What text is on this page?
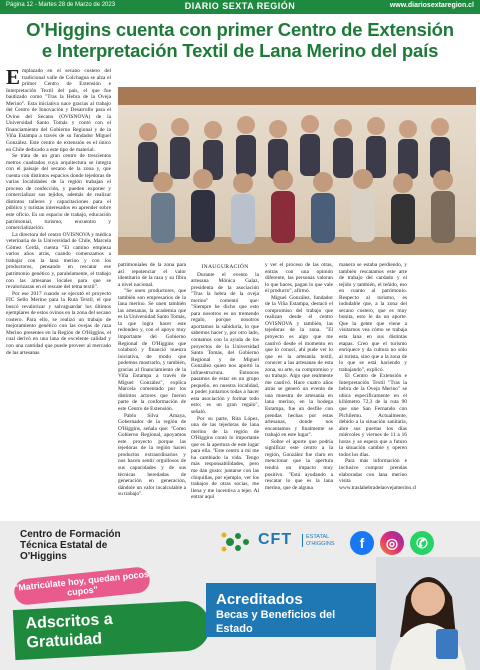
Página 12 - Martes 28 de Marzo de 2023	DIARIO SEXTA REGIÓN	www.diariosextaregion.cl
O'Higgins cuenta con primer Centro de Extensión
e Interpretación Textil de Lana Merino del país

Emplazado en el secano costero del tradicional valle de Colchagua se alza el primer Centro de Extensión e Interpretación Textil del país, el que fue bautizado como "Tras la Hebra de la Oveja Merino". Esta iniciativa nace gracias al trabajo del Centro de Innovación y Desarrollo para el Ovino del Secano (OVISNOVA) de la Universidad Santo Tomás y contó con el financiamiento del Gobierno Regional y de la Viña Estampa a través de su fundador Miguel González. Este centro de extensión es el único en Chile dedicado a este tipo de material.

Se trata de un gran centro de trescientos metros cuadrados cuya arquitectura se integra con el paisaje del secano de la zona y, que cuenta con distintos espacios donde tejedoras de varias localidades de la región trabajan el proceso de confección, y pueden exponer y comercializar sus tejidos, además de realizar distintos talleres y capacitaciones para el público y turistas interesados en aprender sobre este oficio. Es un espacio de trabajo, educación patrimonial, turismo, encuentro y comercialización.

La directora del centro OVISNOVA y médica veterinaria de la Universidad de Chile, Marcela Gómez Cerdá, cuenta "El camino empieza varios años atrás, cuando comenzamos a trabajar con la lana merino y con los productores, pensando en rescatar ese patrimonio genético y, paralelamente, el trabajo con las artesanas locales para que se revalorizaran en el rescate del tema textil".

Por ese 2017 cuando se ejecutó el proyecto FIC Sello Merino para la Ruta Textil, el que buscó revalorizar y salvaguardar los últimos ejemplares de estos ovinos en la zona del secano costero. Para ello, se realizó un trabajo de mejoramiento genético con las ovejas de raza Merino presentes en la Región de O'Higgins, el cual derivó en una lana de excelente calidad y con una cantidad que puede proveer al mercado de las artesanas

patrimoniales de la zona para así repotenciar el valor identitario de la raza y su fibra a nivel nacional.

"Se unen productores, que también son empresarios de la lana merino. Se unen también las artesanas, la academia que es la Universidad Santo Tomás, la que logra hacer este redondeo y, con el apoyo muy importante del Gobierno Regional de O'Higgins que colaboró y financió nuestra iniciativa, de modo que podemos mostrarlo, y también, gracias al financiamiento de la Viña Estampa a través de Miguel González", explica Marcela comentado por los distintos actores que fueron parte de la conformación de este Centro de Extensión.

Pablo Silva Amaya, Gobernador de la región de O'Higgins, señala que: "Como Gobierno Regional, apoyamos este proyecto porque las tejedoras de la región hacen productos extraordinarios y nos hacen sentir orgullosos de sus capacidades y de sus técnicas heredadas de generación en generación, dándole un valor incalculable a su trabajo".

INAUGURACIÓN

Durante el evento la artesana Mónica Galaz, presidenta de la asociación "Tras la hebra de la oveja merino" comentó que: "Siempre he dicho que esto para nosotros es un tremendo regalo, porque nosotros aportamos la sabiduría, lo que sabemos hacer y, por otro lado, contamos con la ayuda de los proyectos de la Universidad Santo Tomás, del Gobierno Regional y de Miguel González quien nos aportó la infraestructura. Entonces pasamos de estar en un grupo pequeño, en nuestra localidad, a poder juntarnos todas a hacer esta asociación y formar todo esto; es un gran regalo", señaló.

Por su parte, Rita López, una de las tejedoras de lana merino de la región de O'Higgins contó lo importante que es la apertura de este lugar para ella. "Este centro a mí me ha cambiado la vida. Tengo más responsabilidades, pero me dan gusto: juntarse con las chiquillas, por ejemplo, ver los trabajos de otras socias, me llena y me incentiva a tejer. Al entrar aquí

y ver el proceso de las otras, entras con una opinión diferente, las personas valoran lo que haces, pagan lo que vale el producto", afirmó.

Miguel González, fundador de la Viña Estampa, destacó el compromiso del trabajo que realizan desde el centro OVISNOVA y también, las tejedoras de la zona. "El proyecto es algo que me cautivó desde el momento en que lo conocí, ahí pude ver lo que es la artesanía textil, conocer a las artesanas de esta zona, su arte, su compromiso y su trabajo. Algo que realmente me cautivó. Hace cuatro años atrás se generó un evento de una muestra de artesanía en lana merino, en la bodega Estampa, fue un desfile con prendas hechas por estas artesanas, donde nos encantamos y finalmente se trabajó en este lugar".

Sobre el aporte que podría significar este centro a la región, González fue claro en mencionar que la apertura tendrá un impacto muy positivo. "Está ayudando a rescatar lo que es la lana merino, que de alguna

manera se estaba perdiendo, y también rescatamos este arte de trabajo del cardado y el tejido y también, el teñido, eso en cuanto al patrimonio. Respecto al turismo, es indudable que, a la zona del secano costero, que es muy bonita, esto le da un aporte. Que la gente que viene a visitarnos vea cómo se trabaja esta lana en sus distintas etapas. Creo que el turismo enriquece y da cultura no sólo al turista, sino que a la zona de lo que se está haciendo y trabajando", explicó.

El Centro de Extensión e Interpretación Textil "Tras la hebra de la Oveja Merino" se ubica específicamente en el kilómetro 72,3 de la ruta 90 que une San Fernando con Pichilemu. Actualmente, debido a la situación sanitaria, abre sus puertas los días miércoles y viernes de 11 a 16 horas y se espera que a futuro la situación cambie y operen todos los días.

Para más información e inclusive comprar prendas elaboradas con lana merino visita www.traslahebradelaovejamerino.cl

Centro de Formación Técnica Estatal de O'Higgins
CFT	ESTATAL
O'HIGGINS	f	◎	✆
"Matricúlate hoy, quedan pocos cupos"
Adscritos a
Gratuidad
Acreditados
Becas y Beneficios del Estado
